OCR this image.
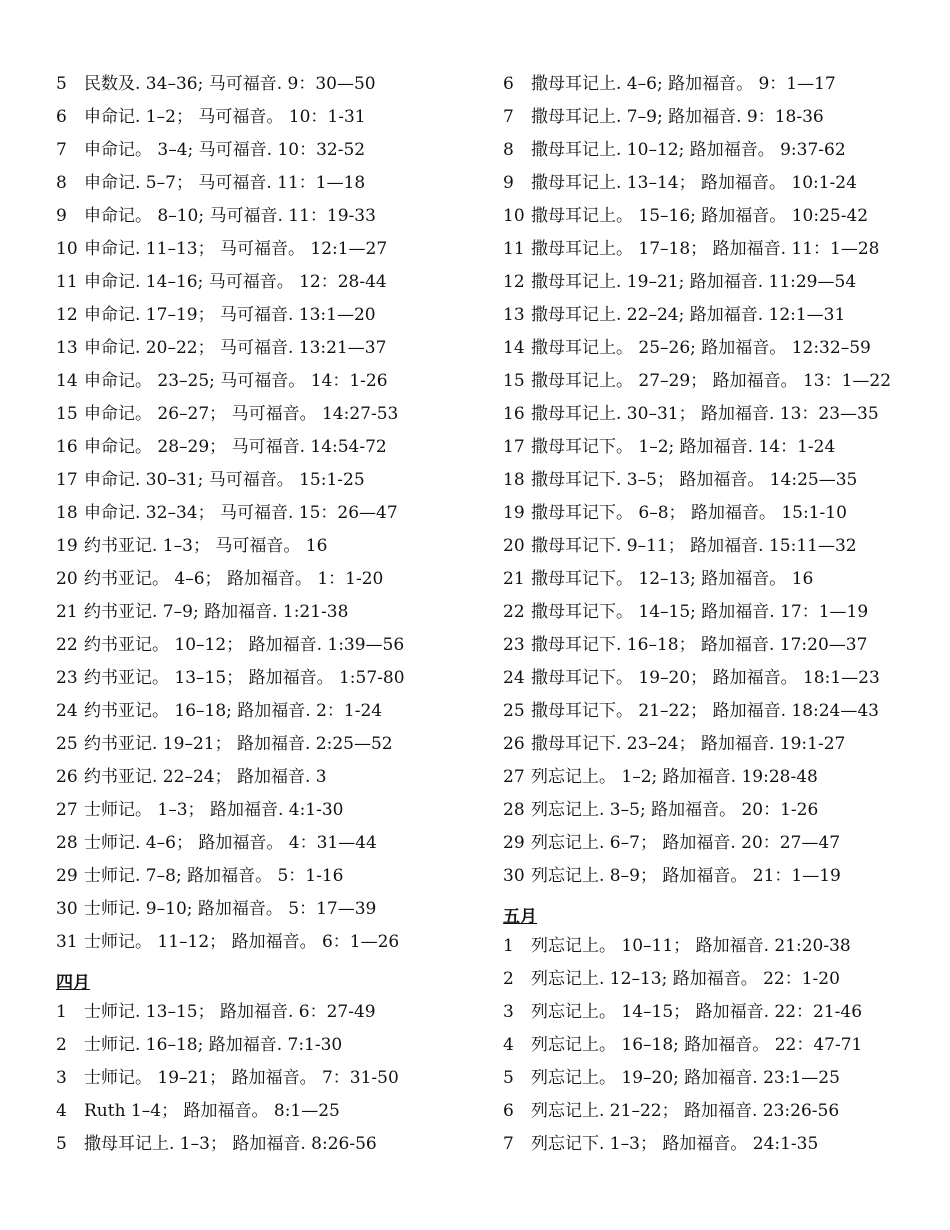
5 民数及. 34–36; 马可福音. 9：30—50
6 申命记. 1–2； 马可福音。 10：1-31
7 申命记。 3–4; 马可福音. 10：32-52
8 申命记. 5–7； 马可福音. 11：1—18
9 申命记。 8–10; 马可福音. 11：19-33
10 申命记. 11–13； 马可福音。 12:1—27
11 申命记. 14–16; 马可福音。 12：28-44
12 申命记. 17–19； 马可福音. 13:1—20
13 申命记. 20–22； 马可福音. 13:21—37
14 申命记。 23–25; 马可福音。 14：1-26
15 申命记。 26–27； 马可福音。 14:27-53
16 申命记。 28–29； 马可福音. 14:54-72
17 申命记. 30–31; 马可福音。 15:1-25
18 申命记. 32–34； 马可福音. 15：26—47
19 约书亚记. 1–3； 马可福音。 16
20 约书亚记。 4–6； 路加福音。 1：1-20
21 约书亚记. 7–9; 路加福音. 1:21-38
22 约书亚记。 10–12； 路加福音. 1:39—56
23 约书亚记。 13–15； 路加福音。 1:57-80
24 约书亚记。 16–18; 路加福音. 2：1-24
25 约书亚记. 19–21； 路加福音. 2:25—52
26 约书亚记. 22–24； 路加福音. 3
27 士师记。 1–3； 路加福音. 4:1-30
28 士师记. 4–6； 路加福音。 4：31—44
29 士师记. 7–8; 路加福音。 5：1-16
30 士师记. 9–10; 路加福音。 5：17—39
31 士师记。 11–12； 路加福音。 6：1—26
四月
1 士师记. 13–15； 路加福音. 6：27-49
2 士师记. 16–18; 路加福音. 7:1-30
3 士师记。 19–21； 路加福音。 7：31-50
4 Ruth 1–4； 路加福音。 8:1—25
5 撒母耳记上. 1–3； 路加福音. 8:26-56
6 撒母耳记上. 4–6; 路加福音。 9：1—17
7 撒母耳记上. 7–9; 路加福音. 9：18-36
8 撒母耳记上. 10–12; 路加福音。 9:37-62
9 撒母耳记上. 13–14； 路加福音。 10:1-24
10 撒母耳记上。 15–16; 路加福音。 10:25-42
11 撒母耳记上。 17–18； 路加福音. 11：1—28
12 撒母耳记上. 19–21; 路加福音. 11:29—54
13 撒母耳记上. 22–24; 路加福音. 12:1—31
14 撒母耳记上。 25–26; 路加福音。 12:32–59
15 撒母耳记上。 27–29； 路加福音。 13：1—22
16 撒母耳记上. 30–31； 路加福音. 13：23—35
17 撒母耳记下。 1–2; 路加福音. 14：1-24
18 撒母耳记下. 3–5； 路加福音。 14:25—35
19 撒母耳记下。 6–8； 路加福音。 15:1-10
20 撒母耳记下. 9–11； 路加福音. 15:11—32
21 撒母耳记下。 12–13; 路加福音。 16
22 撒母耳记下。 14–15; 路加福音. 17：1—19
23 撒母耳记下. 16–18； 路加福音. 17:20—37
24 撒母耳记下。 19–20； 路加福音。 18:1—23
25 撒母耳记下。 21–22； 路加福音. 18:24—43
26 撒母耳记下. 23–24； 路加福音. 19:1-27
27 列忘记上。 1–2; 路加福音. 19:28-48
28 列忘记上. 3–5; 路加福音。 20：1-26
29 列忘记上. 6–7； 路加福音. 20：27—47
30 列忘记上. 8–9； 路加福音。 21：1—19
五月
1 列忘记上。 10–11； 路加福音. 21:20-38
2 列忘记上. 12–13; 路加福音。 22：1-20
3 列忘记上。 14–15； 路加福音. 22：21-46
4 列忘记上。 16–18; 路加福音。 22：47-71
5 列忘记上。 19–20; 路加福音. 23:1—25
6 列忘记上. 21–22； 路加福音. 23:26-56
7 列忘记下. 1–3； 路加福音。 24:1-35
